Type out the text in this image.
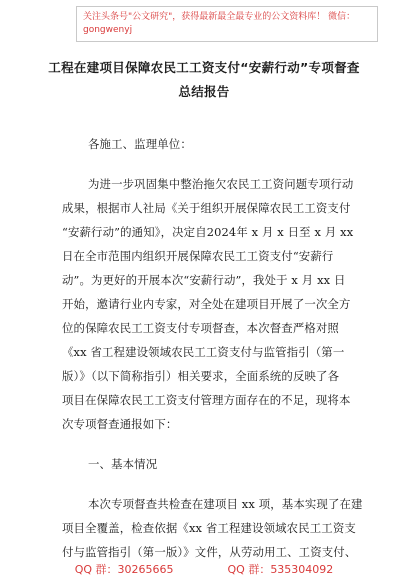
关注头条号"公文研究"，获得最新最全最专业的公文资料库！ 微信：gongwenyj
工程在建项目保障农民工工资支付“安薪行动”专项督查
总结报告
各施工、监理单位：
为进一步巩固集中整治拖欠农民工工资问题专项行动
成果，根据市人社局《关于组织开展保障农民工工资支付
“安薪行动”的通知》，决定自2024年 x 月 x 日至 x 月 xx
日在全市范围内组织开展保障农民工工资支付“安薪行
动”。为更好的开展本次“安薪行动”，我处于 x 月 xx 日
开始，邀请行业内专家，对全处在建项目开展了一次全方
位的保障农民工工资支付专项督查，本次督查严格对照
《xx 省工程建设领域农民工工资支付与监管指引（第一
版）》（以下简称指引）相关要求，全面系统的反映了各
项目在保障农民工工资支付管理方面存在的不足，现将本
次专项督查通报如下：
一、基本情况
本次专项督查共检查在建项目 xx 项，基本实现了在建
项目全覆盖，检查依据《xx 省工程建设领域农民工工资支
付与监管指引（第一版）》文件，从劳动用工、工资支付、
QQ 群：30265665	QQ 群：535304092
